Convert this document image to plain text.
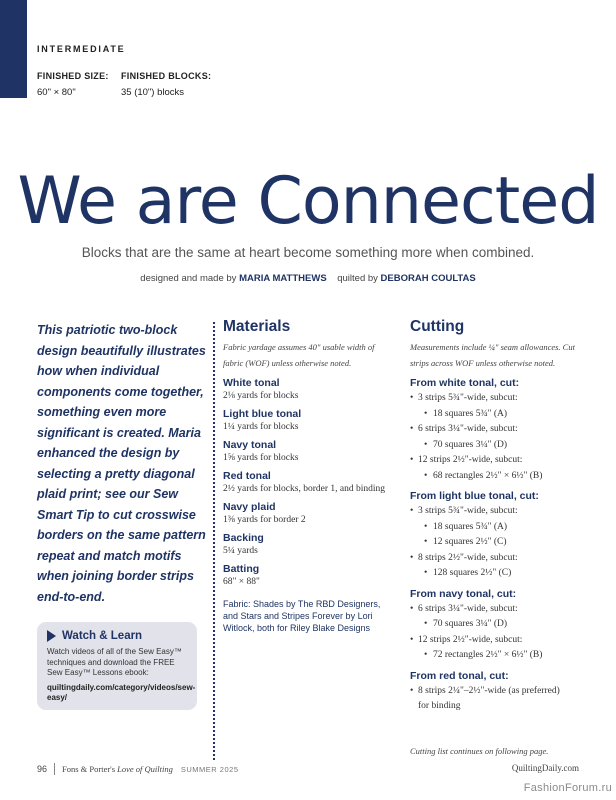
INTERMEDIATE
FINISHED SIZE:
60" × 80"
FINISHED BLOCKS:
35 (10") blocks
We are Connected
Blocks that are the same at heart become something more when combined.
designed and made by MARIA MATTHEWS quilted by DEBORAH COULTAS
This patriotic two-block design beautifully illustrates how when individual components come together, something even more significant is created. Maria enhanced the design by selecting a pretty diagonal plaid print; see our Sew Smart Tip to cut crosswise borders on the same pattern repeat and match motifs when joining border strips end-to-end.
Watch & Learn
Watch videos of all of the Sew Easy™ techniques and download the FREE Sew Easy™ Lessons ebook:
quiltingdaily.com/category/videos/sew-easy/
Materials
Fabric yardage assumes 40" usable width of fabric (WOF) unless otherwise noted.
White tonal
2⅛ yards for blocks
Light blue tonal
1¼ yards for blocks
Navy tonal
1⅝ yards for blocks
Red tonal
2½ yards for blocks, border 1, and binding
Navy plaid
1⅜ yards for border 2
Backing
5¼ yards
Batting
68" × 88"
Fabric: Shades by The RBD Designers, and Stars and Stripes Forever by Lori Witlock, both for Riley Blake Designs
Cutting
Measurements include ¼" seam allowances. Cut strips across WOF unless otherwise noted.
From white tonal, cut:
• 3 strips 5¾"-wide, subcut:
• 18 squares 5¾" (A)
• 6 strips 3¼"-wide, subcut:
• 70 squares 3¼" (D)
• 12 strips 2½"-wide, subcut:
• 68 rectangles 2½" × 6½" (B)
From light blue tonal, cut:
• 3 strips 5¾"-wide, subcut:
• 18 squares 5¾" (A)
• 12 squares 2½" (C)
• 8 strips 2½"-wide, subcut:
• 128 squares 2½" (C)
From navy tonal, cut:
• 6 strips 3¼"-wide, subcut:
• 70 squares 3¼" (D)
• 12 strips 2½"-wide, subcut:
• 72 rectangles 2½" × 6½" (B)
From red tonal, cut:
• 8 strips 2¼"–2½"-wide (as preferred)
for binding
Cutting list continues on following page.
96 Fons & Porter's Love of Quilting SUMMER 2025	QuiltingDaily.com
FashionForum.ru
